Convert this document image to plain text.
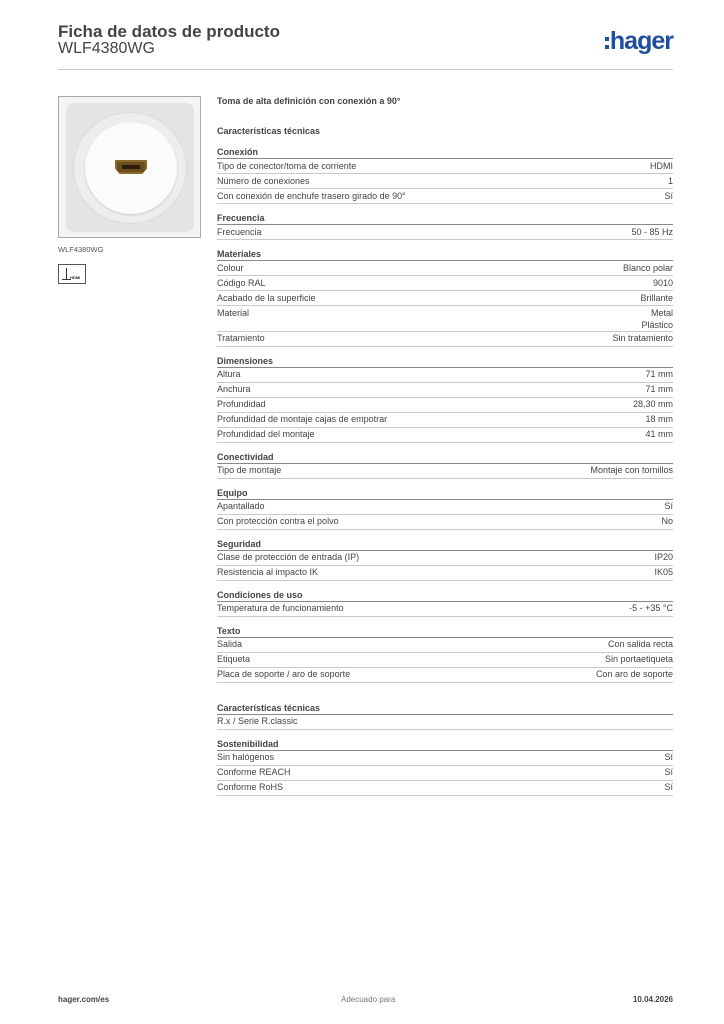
Ficha de datos de producto
WLF4380WG	hager
WLF4380WG
HDMI
Toma de alta definición con conexión a 90°
Características técnicas
Conexión
Tipo de conector/toma de corriente	HDMI
Número de conexiones	1
Con conexión de enchufe trasero girado de 90°	Sí
Frecuencia
Frecuencia	50 - 85 Hz
Materiales
Colour	Blanco polar
Código RAL	9010
Acabado de la superficie	Brillante
Material	Metal
Plástico
Tratamiento	Sin tratamiento
Dimensiones
Altura	71 mm
Anchura	71 mm
Profundidad	28,30 mm
Profundidad de montaje cajas de empotrar	18 mm
Profundidad del montaje	41 mm
Conectividad
Tipo de montaje	Montaje con tornillos
Equipo
Apantallado	Sí
Con protección contra el polvo	No
Seguridad
Clase de protección de entrada (IP)	IP20
Resistencia al impacto IK	IK05
Condiciones de uso
Temperatura de funcionamiento	-5 - +35 °C
Texto
Salida	Con salida recta
Etiqueta	Sin portaetiqueta
Placa de soporte / aro de soporte	Con aro de soporte
Características técnicas
R.x / Serie R.classic
Sostenibilidad
Sin halógenos	Sí
Conforme REACH	Sí
Conforme RoHS	Sí
hager.com/es	Adecuado para	10.04.2026
